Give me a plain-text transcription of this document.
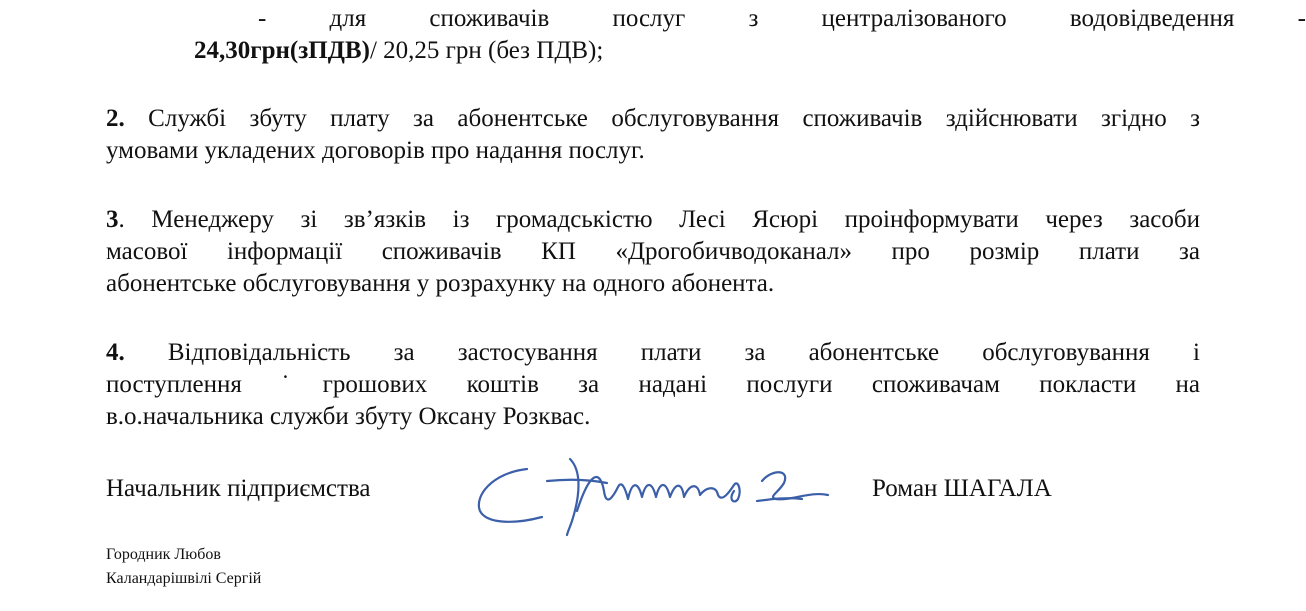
-	для	споживачів	послуг	з	централізованого	водовідведення	-
24,30грн(зПДВ)/ 20,25 грн (без ПДВ);
2. Службі збуту плату за абонентське обслуговування споживачів здійснювати згідно з
умовами укладених договорів про надання послуг.
3. Менеджеру зі зв’язків із громадськістю Лесі Ясюрі проінформувати через засоби
масової інформації споживачів КП «Дрогобичводоканал» про розмір плати за
абонентське обслуговування у розрахунку на одного абонента.
4. Відповідальність за застосування плати за абонентське обслуговування і
поступлення ˙грошових коштів за надані послуги споживачам покласти на
в.о.начальника служби збуту Оксану Розквас.
Начальник підприємства	Роман ШАГАЛА
Городник Любов
Каландарішвілі Сергій
